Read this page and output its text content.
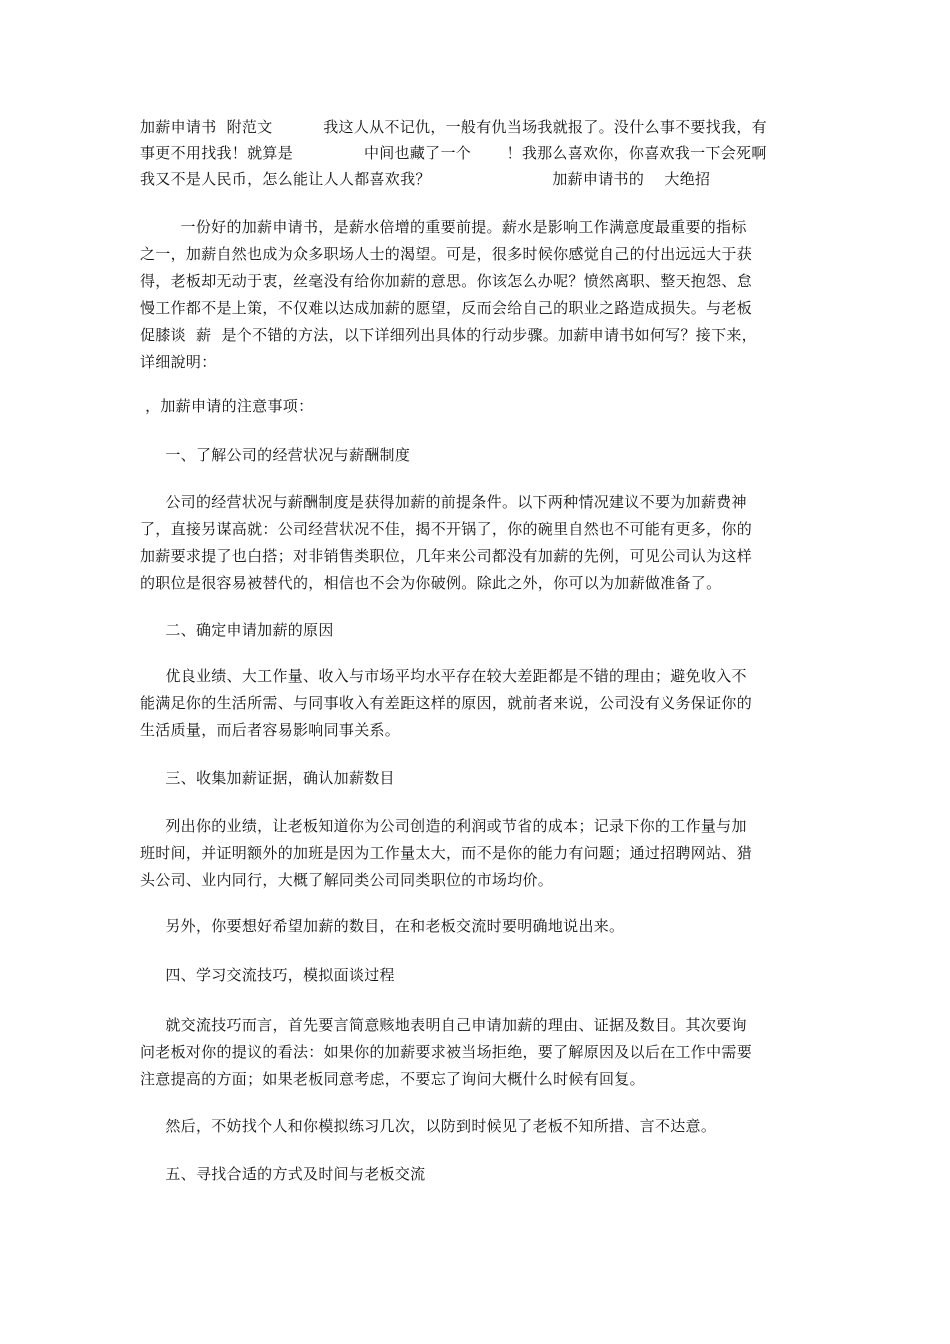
加薪申请书  附范文          我这人从不记仇，一般有仇当场我就报了。没什么事不要找我，有
事更不用找我！就算是              中间也藏了一个       ！我那么喜欢你，你喜欢我一下会死啊
我又不是人民币，怎么能让人人都喜欢我？                        加薪申请书的    大绝招
一份好的加薪申请书，是薪水倍增的重要前提。薪水是影响工作满意度最重要的指标
之一，加薪自然也成为众多职场人士的渴望。可是，很多时候你感觉自己的付出远远大于获
得，老板却无动于衷，丝毫没有给你加薪的意思。你该怎么办呢？愤然离职、整天抱怨、怠
慢工作都不是上策，不仅难以达成加薪的愿望，反而会给自己的职业之路造成损失。与老板
促膝谈  薪  是个不错的方法，以下详细列出具体的行动步骤。加薪申请书如何写？接下来，
详细說明：
，加薪申请的注意事项：
一、了解公司的经营状况与薪酬制度
公司的经营状况与薪酬制度是获得加薪的前提条件。以下两种情况建议不要为加薪费神
了，直接另谋高就：公司经营状况不佳，揭不开锅了，你的碗里自然也不可能有更多，你的
加薪要求提了也白搭；对非销售类职位，几年来公司都没有加薪的先例，可见公司认为这样
的职位是很容易被替代的，相信也不会为你破例。除此之外，你可以为加薪做准备了。
二、确定申请加薪的原因
优良业绩、大工作量、收入与市场平均水平存在较大差距都是不错的理由；避免收入不
能满足你的生活所需、与同事收入有差距这样的原因，就前者来说，公司没有义务保证你的
生活质量，而后者容易影响同事关系。
三、收集加薪证据，确认加薪数目
列出你的业绩，让老板知道你为公司创造的利润或节省的成本；记录下你的工作量与加
班时间，并证明额外的加班是因为工作量太大，而不是你的能力有问题；通过招聘网站、猎
头公司、业内同行，大概了解同类公司同类职位的市场均价。
另外，你要想好希望加薪的数目，在和老板交流时要明确地说出来。
四、学习交流技巧，模拟面谈过程
就交流技巧而言，首先要言简意赅地表明自己申请加薪的理由、证据及数目。其次要询
问老板对你的提议的看法：如果你的加薪要求被当场拒绝，要了解原因及以后在工作中需要
注意提高的方面；如果老板同意考虑，不要忘了询问大概什么时候有回复。
然后，不妨找个人和你模拟练习几次，以防到时候见了老板不知所措、言不达意。
五、寻找合适的方式及时间与老板交流
